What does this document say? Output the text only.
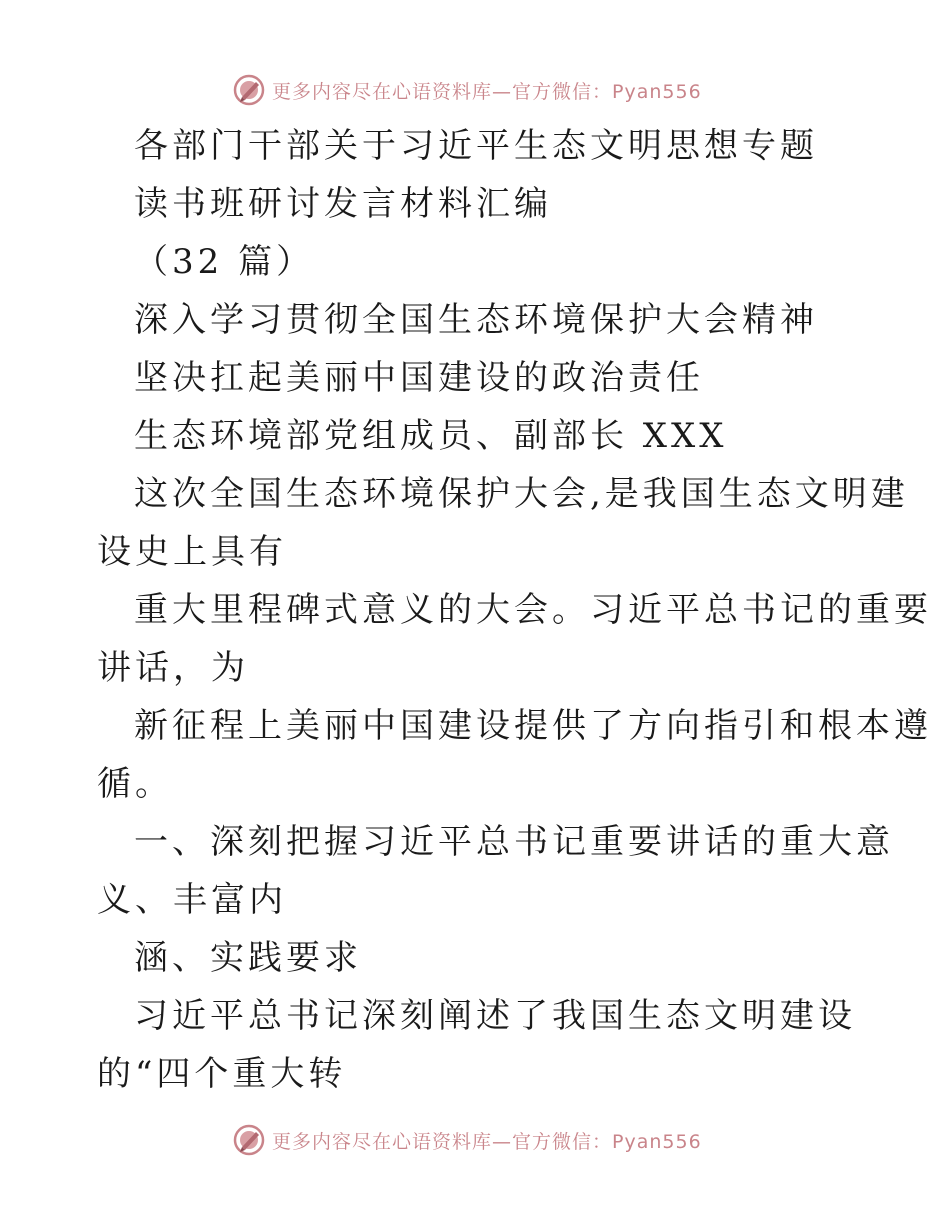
更多内容尽在心语资料库—官方微信：Pyan556
各部门干部关于习近平生态文明思想专题
读书班研讨发言材料汇编
（32 篇）
深入学习贯彻全国生态环境保护大会精神
坚决扛起美丽中国建设的政治责任
生态环境部党组成员、副部长 XXX
这次全国生态环境保护大会,是我国生态文明建
设史上具有
重大里程碑式意义的大会。习近平总书记的重要
讲话，为
新征程上美丽中国建设提供了方向指引和根本遵
循。
一、深刻把握习近平总书记重要讲话的重大意
义、丰富内
涵、实践要求
习近平总书记深刻阐述了我国生态文明建设
的“四个重大转
更多内容尽在心语资料库—官方微信：Pyan556
